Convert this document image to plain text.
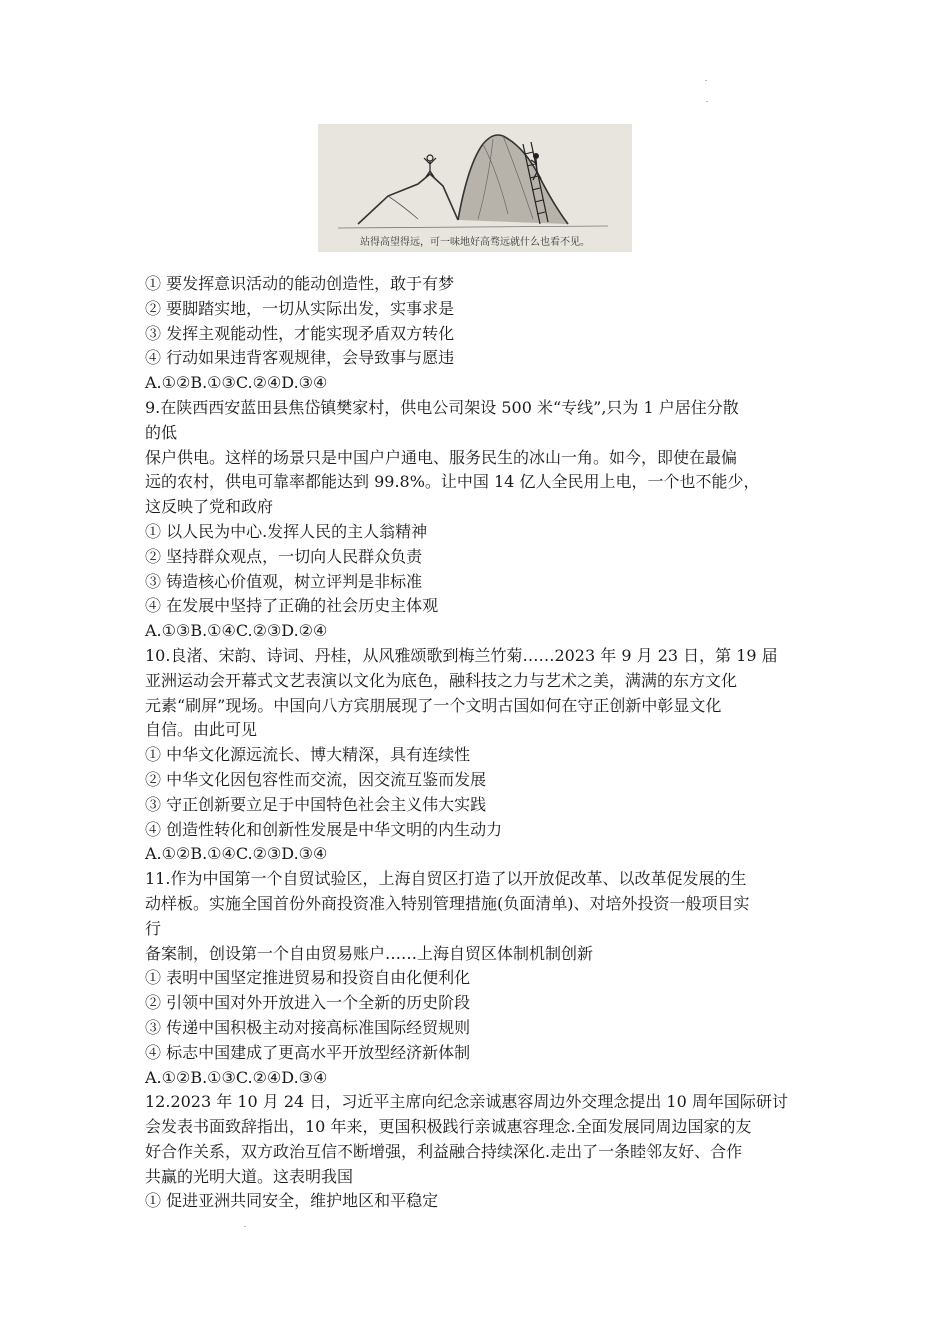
站得高望得远，可一味地好高骛远就什么也看不见。
① 要发挥意识活动的能动创造性，敢于有梦
② 要脚踏实地，一切从实际出发，实事求是
③ 发挥主观能动性，才能实现矛盾双方转化
④ 行动如果违背客观规律，会导致事与愿违
A.①②B.①③C.②④D.③④
9.在陕西西安蓝田县焦岱镇樊家村，供电公司架设 500 米“专线”,只为 1 户居住分散
的低
保户供电。这样的场景只是中国户户通电、服务民生的冰山一角。如今，即使在最偏
远的农村，供电可靠率都能达到 99.8%。让中国 14 亿人全民用上电，一个也不能少，
这反映了党和政府
① 以人民为中心.发挥人民的主人翁精神
② 坚持群众观点，一切向人民群众负责
③ 铸造核心价值观，树立评判是非标准
④ 在发展中坚持了正确的社会历史主体观
A.①③B.①④C.②③D.②④
10.良渚、宋韵、诗词、丹桂，从风雅颂歌到梅兰竹菊……2023 年 9 月 23 日，第 19 届
亚洲运动会开幕式文艺表演以文化为底色，融科技之力与艺术之美，满满的东方文化
元素“刷屏”现场。中国向八方宾朋展现了一个文明古国如何在守正创新中彰显文化
自信。由此可见
① 中华文化源远流长、博大精深，具有连续性
② 中华文化因包容性而交流，因交流互鉴而发展
③ 守正创新要立足于中国特色社会主义伟大实践
④ 创造性转化和创新性发展是中华文明的内生动力
A.①②B.①④C.②③D.③④
11.作为中国第一个自贸试验区，上海自贸区打造了以开放促改革、以改革促发展的生
动样板。实施全国首份外商投资准入特别管理措施(负面清单)、对培外投资一般项目实
行
备案制，创设第一个自由贸易账户……上海自贸区体制机制创新
① 表明中国坚定推进贸易和投资自由化便利化
② 引领中国对外开放进入一个全新的历史阶段
③ 传递中国积极主动对接高标准国际经贸规则
④ 标志中国建成了更高水平开放型经济新体制
A.①②B.①③C.②④D.③④
12.2023 年 10 月 24 日，习近平主席向纪念亲诚惠容周边外交理念提出 10 周年国际研讨
会发表书面致辞指出，10 年来，更国积极践行亲诚惠容理念.全面发展同周边国家的友
好合作关系，双方政治互信不断增强，利益融合持续深化.走出了一条睦邻友好、合作
共赢的光明大道。这表明我国
① 促进亚洲共同安全，维护地区和平稳定
